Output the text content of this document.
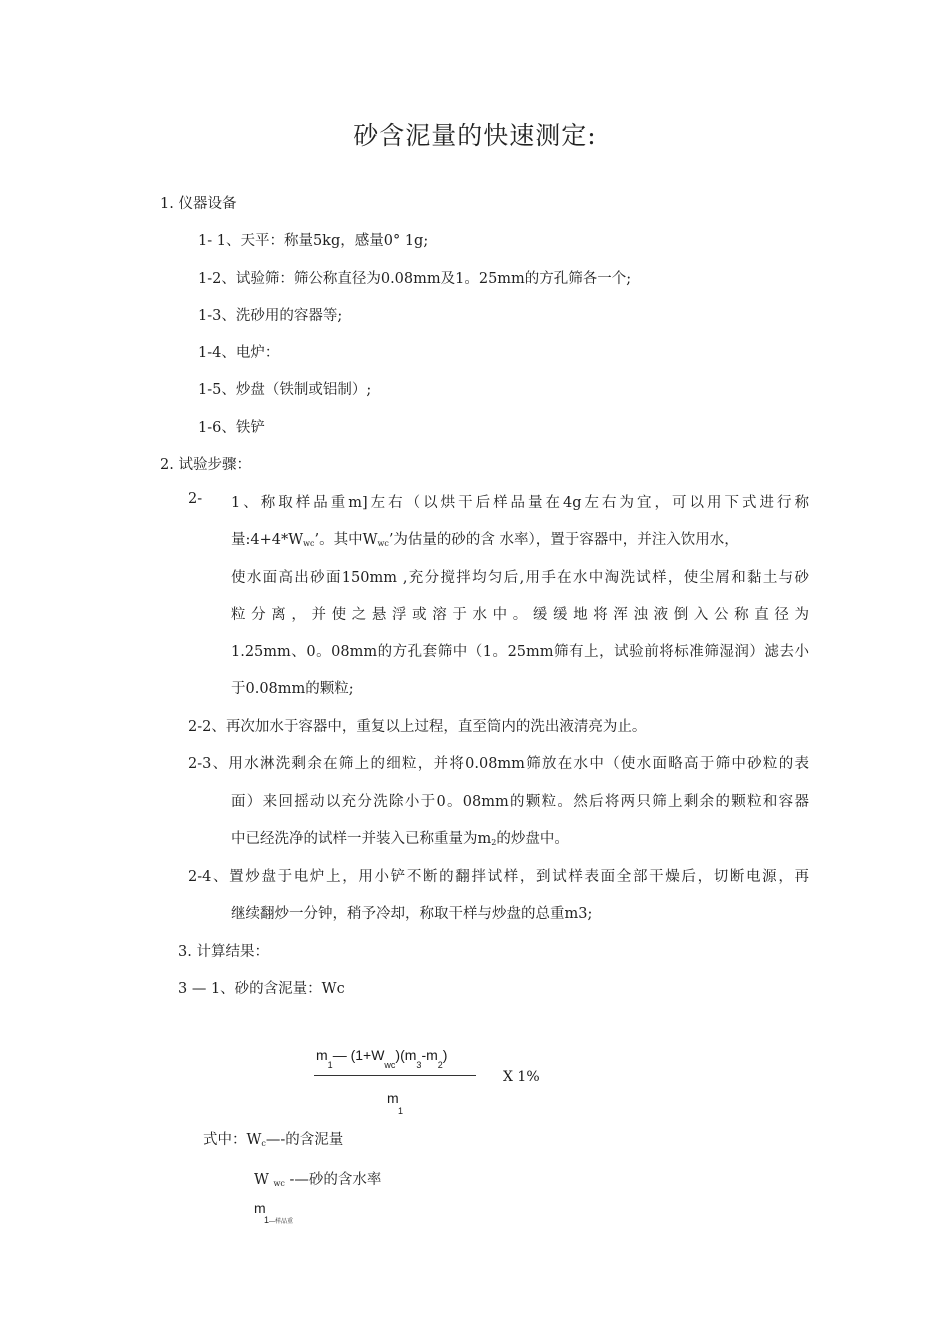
砂含泥量的快速测定:
1. 仪器设备
1- 1、天平：称量5kg，感量0° 1g;
1-2、试验筛：筛公称直径为0.08mm及1。25mm的方孔筛各一个;
1-3、洗砂用的容器等;
1-4、电炉：
1-5、炒盘（铁制或铝制）;
1-6、铁铲
2. 试验步骤：
2- 1、称取样品重m]左右（以烘干后样品量在4g左右为宜，可以用下式进行称
量$:4+4*W_{wc}$’。其中$W_{wc}$’为估量的砂的含 水率），置于容器中，并注入饮用水，
使水面高出砂面150mm ,充分搅拌均匀后,用手在水中淘洗试样，使尘屑和黏土与砂
粒分离，并使之悬浮或溶于水中。缓缓地将浑浊液倒入公称直径为
1.25mm、0。08mm的方孔套筛中（1。25mm筛有上，试验前将标准筛湿润）滤去小
于0.08mm的颗粒;
2-2、再次加水于容器中，重复以上过程，直至筒内的洗出液清亮为止。
2-3、用水淋洗剩余在筛上的细粒，并将0.08mm筛放在水中（使水面略高于筛中砂粒的表
面）来回摇动以充分洗除小于0。08mm的颗粒。然后将两只筛上剩余的颗粒和容器
中已经洗净的试样一并装入已称重量为$m_2$的炒盘中。
2-4、置炒盘于电炉上，用小铲不断的翻拌试样，到试样表面全部干燥后，切断电源，再
继续翻炒一分钟，稍予冷却，称取干样与炒盘的总重m3;
3. 计算结果：
3 — 1、砂的含泥量：Wc
$m_1—$ $(1+W_{wc})(m_3-m_2)$
m

1
X 1%
式中：$W_c—-$的含泥量
W $_{wc}$ -—砂的含水率
m

1—样品重
